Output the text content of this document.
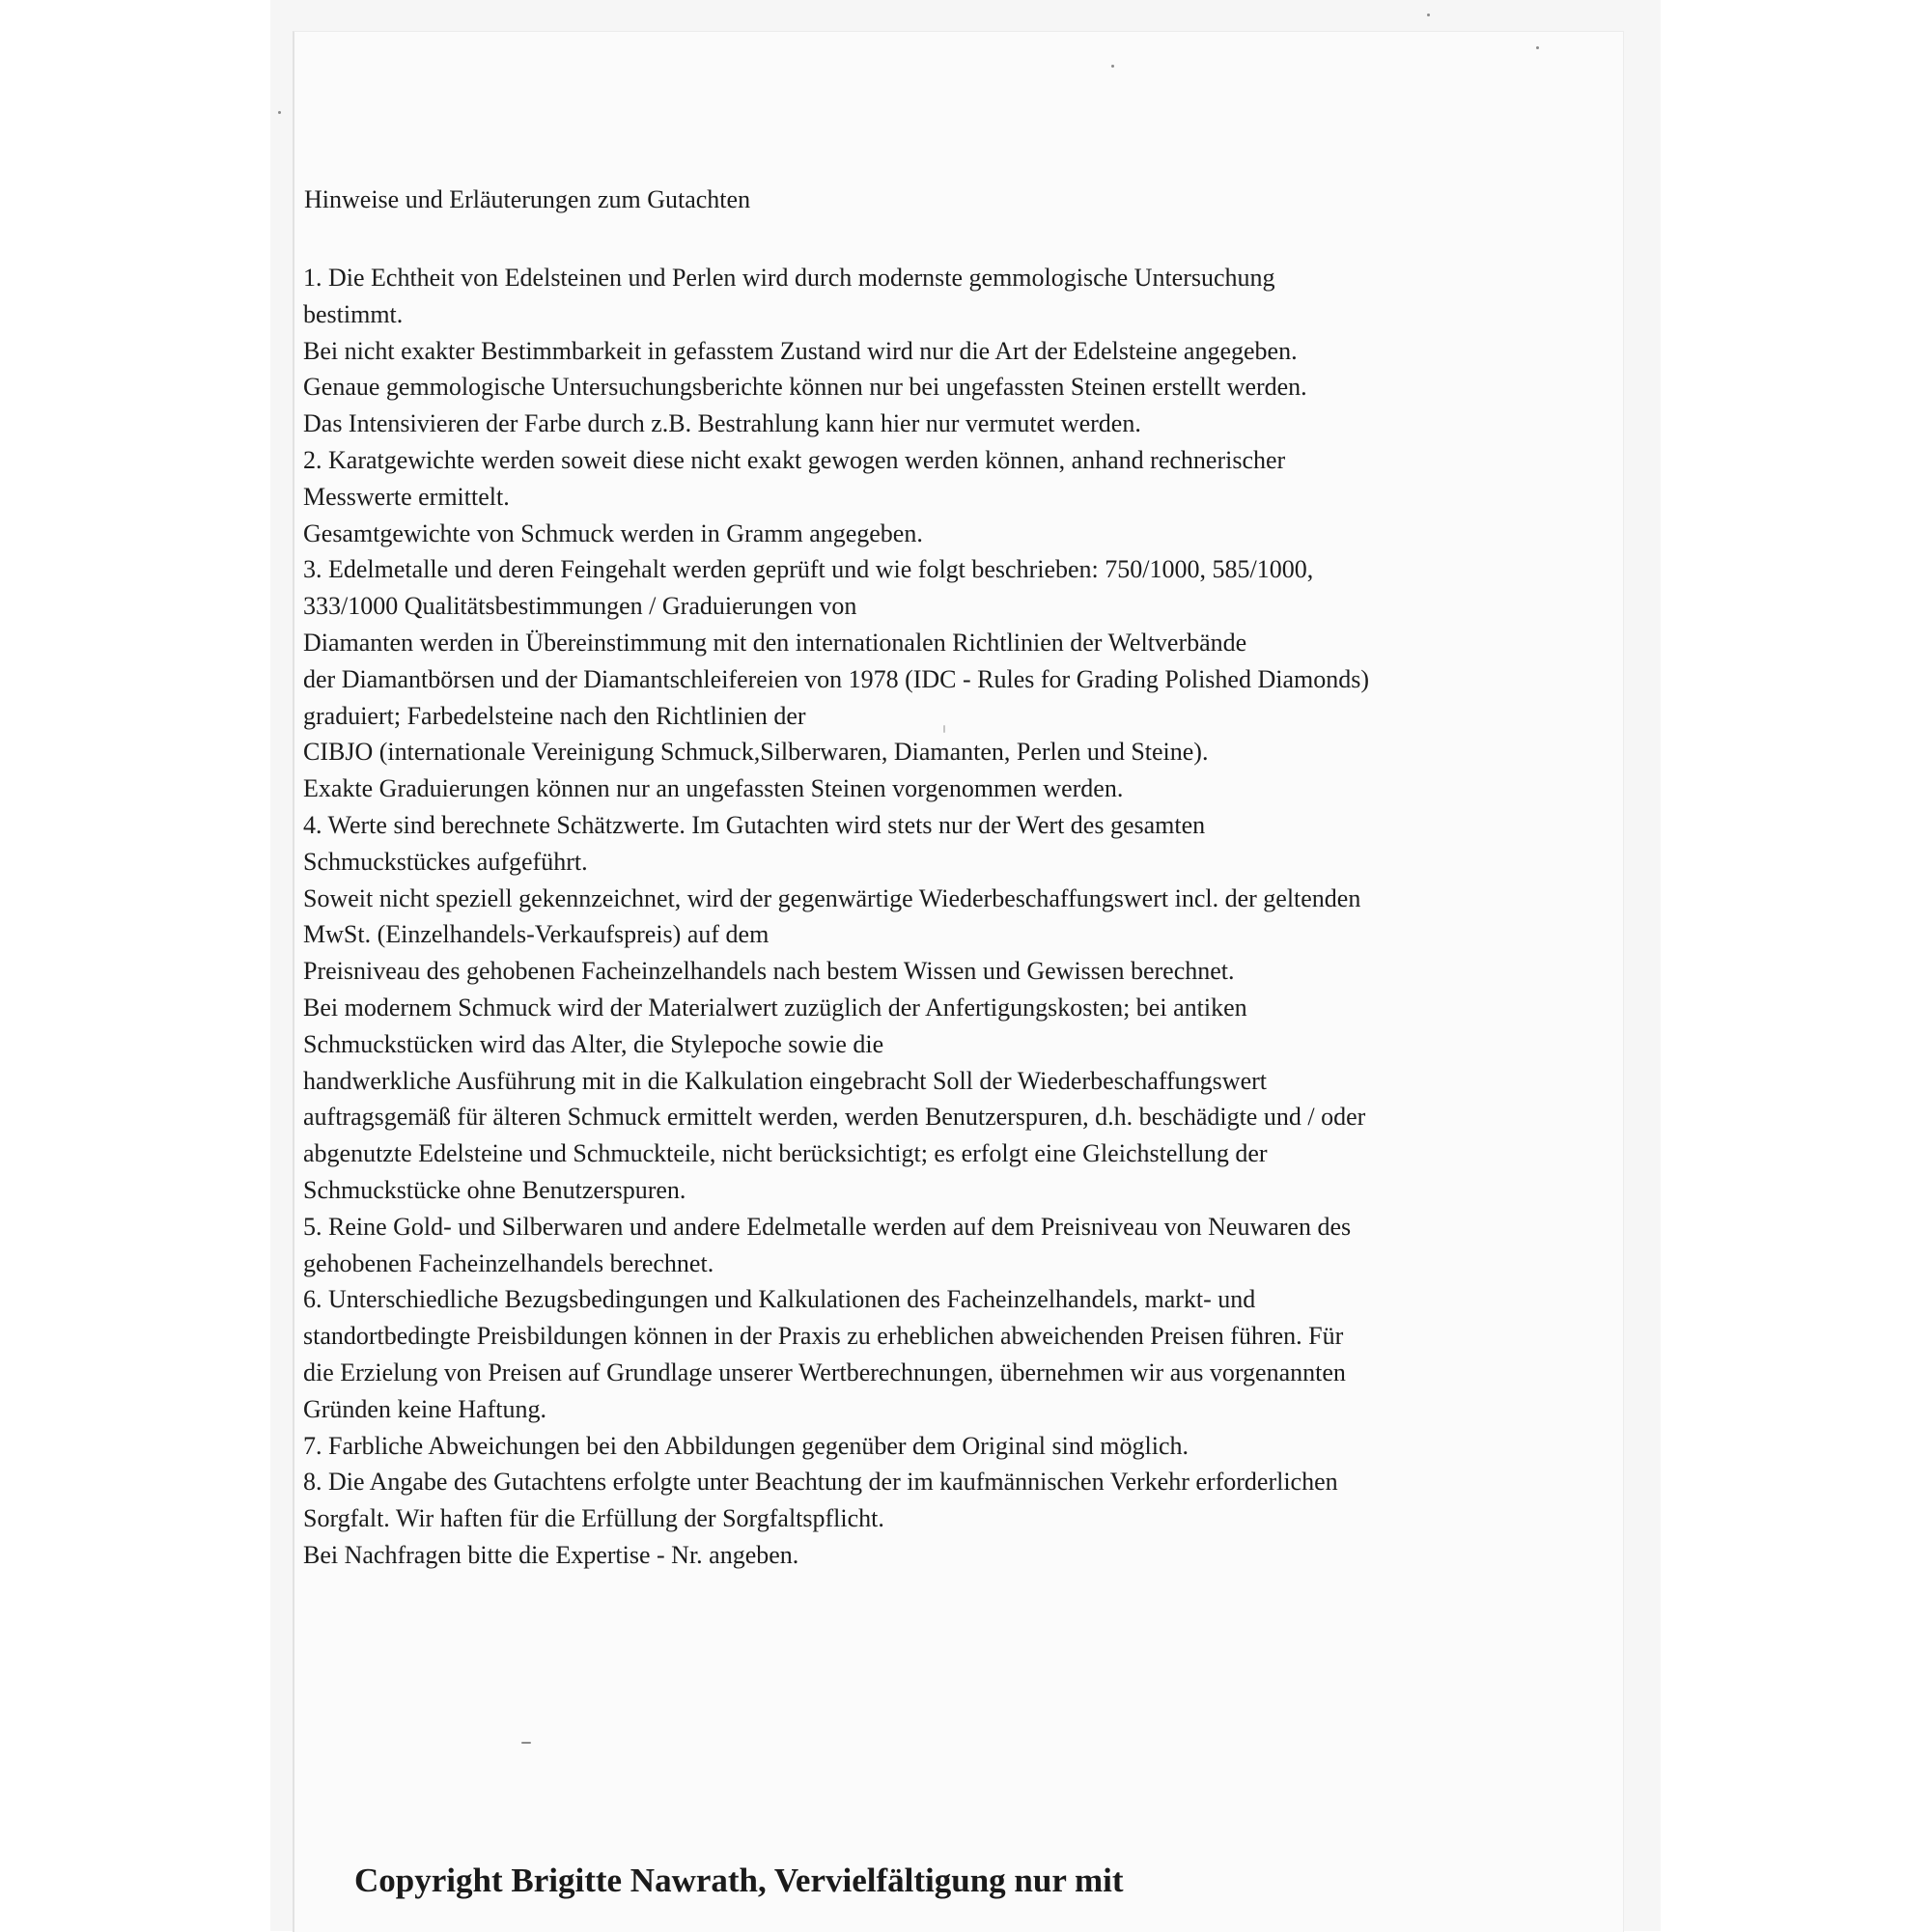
Hinweise und Erläuterungen zum Gutachten
1. Die Echtheit von Edelsteinen und Perlen wird durch modernste gemmologische Untersuchung
bestimmt.
Bei nicht exakter Bestimmbarkeit in gefasstem Zustand wird nur die Art der Edelsteine angegeben.
Genaue gemmologische Untersuchungsberichte können nur bei ungefassten Steinen erstellt werden.
Das Intensivieren der Farbe durch z.B. Bestrahlung kann hier nur vermutet werden.
2. Karatgewichte werden soweit diese nicht exakt gewogen werden können, anhand rechnerischer
Messwerte ermittelt.
Gesamtgewichte von Schmuck werden in Gramm angegeben.
3. Edelmetalle und deren Feingehalt werden geprüft und wie folgt beschrieben: 750/1000, 585/1000,
333/1000 Qualitätsbestimmungen / Graduierungen von
Diamanten werden in Übereinstimmung mit den internationalen Richtlinien der Weltverbände
der Diamantbörsen und der Diamantschleifereien von 1978 (IDC - Rules for Grading Polished Diamonds)
graduiert; Farbedelsteine nach den Richtlinien der
CIBJO (internationale Vereinigung Schmuck,Silberwaren, Diamanten, Perlen und Steine).
Exakte Graduierungen können nur an ungefassten Steinen vorgenommen werden.
4. Werte sind berechnete Schätzwerte. Im Gutachten wird stets nur der Wert des gesamten
Schmuckstückes aufgeführt.
Soweit nicht speziell gekennzeichnet, wird der gegenwärtige Wiederbeschaffungswert incl. der geltenden
MwSt. (Einzelhandels-Verkaufspreis) auf dem
Preisniveau des gehobenen Facheinzelhandels nach bestem Wissen und Gewissen berechnet.
Bei modernem Schmuck wird der Materialwert zuzüglich der Anfertigungskosten; bei antiken
Schmuckstücken wird das Alter, die Stylepoche sowie die
handwerkliche Ausführung mit in die Kalkulation eingebracht Soll der Wiederbeschaffungswert
auftragsgemäß für älteren Schmuck ermittelt werden, werden Benutzerspuren, d.h. beschädigte und / oder
abgenutzte Edelsteine und Schmuckteile, nicht berücksichtigt; es erfolgt eine Gleichstellung der
Schmuckstücke ohne Benutzerspuren.
5. Reine Gold- und Silberwaren und andere Edelmetalle werden auf dem Preisniveau von Neuwaren des
gehobenen Facheinzelhandels berechnet.
6. Unterschiedliche Bezugsbedingungen und Kalkulationen des Facheinzelhandels, markt- und
standortbedingte Preisbildungen können in der Praxis zu erheblichen abweichenden Preisen führen. Für
die Erzielung von Preisen auf Grundlage unserer Wertberechnungen, übernehmen wir aus vorgenannten
Gründen keine Haftung.
7. Farbliche Abweichungen bei den Abbildungen gegenüber dem Original sind möglich.
8. Die Angabe des Gutachtens erfolgte unter Beachtung der im kaufmännischen Verkehr erforderlichen
Sorgfalt. Wir haften für die Erfüllung der Sorgfaltspflicht.
Bei Nachfragen bitte die Expertise - Nr. angeben.
Copyright Brigitte Nawrath, Vervielfältigung nur mit
